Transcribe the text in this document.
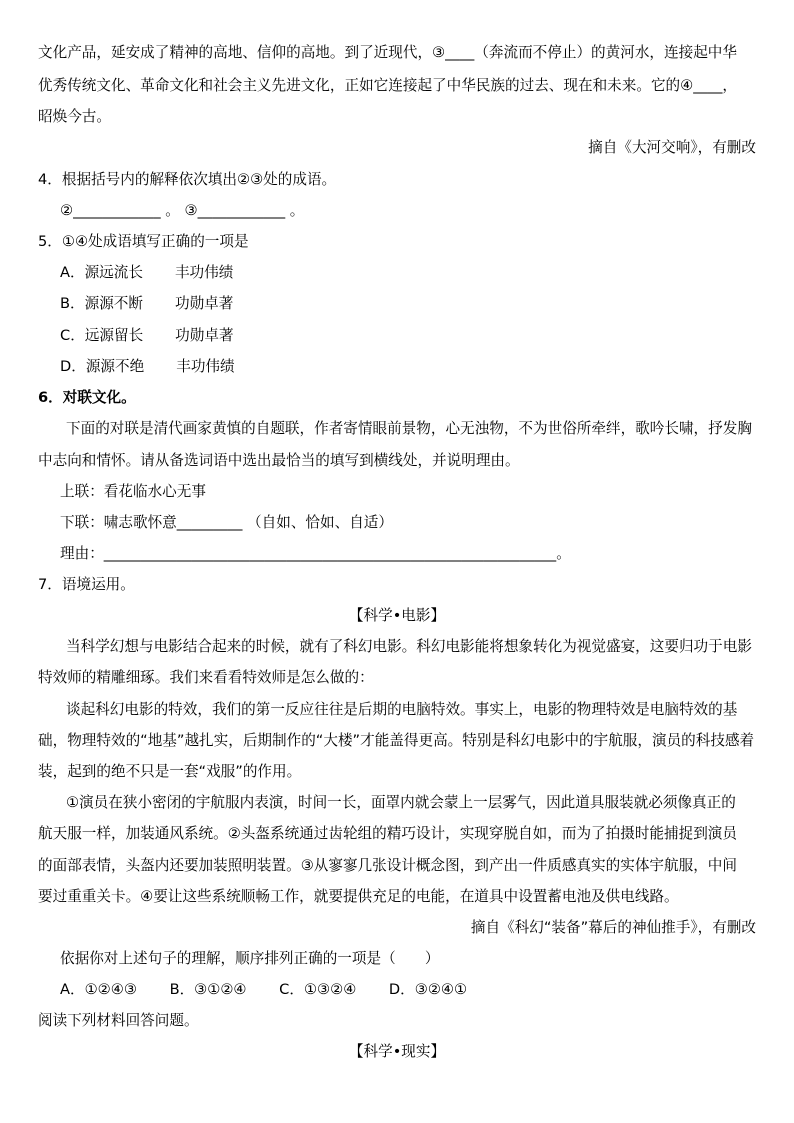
文化产品，延安成了精神的高地、信仰的高地。到了近现代，③____（奔流而不停止）的黄河水，连接起中华
优秀传统文化、革命文化和社会主义先进文化，正如它连接起了中华民族的过去、现在和未来。它的④____，
昭焕今古。
摘自《大河交响》，有删改
4．根据括号内的解释依次填出②③处的成语。
②____________ 。 ③____________ 。
5．①④处成语填写正确的一项是
A．源远流长 丰功伟绩
B．源源不断 功勋卓著
C．远源留长 功勋卓著
D．源源不绝 丰功伟绩
6．对联文化。
下面的对联是清代画家黄慎的自题联，作者寄情眼前景物，心无浊物，不为世俗所牵绊，歌吟长啸，抒发胸
中志向和情怀。请从备选词语中选出最恰当的填写到横线处，并说明理由。
上联：看花临水心无事
下联：啸志歌怀意_________ （自如、恰如、自适）
理由：______________________________________________________________。
7．语境运用。
【科学•电影】
当科学幻想与电影结合起来的时候，就有了科幻电影。科幻电影能将想象转化为视觉盛宴，这要归功于电影
特效师的精雕细琢。我们来看看特效师是怎么做的：
谈起科幻电影的特效，我们的第一反应往往是后期的电脑特效。事实上，电影的物理特效是电脑特效的基
础，物理特效的“地基”越扎实，后期制作的“大楼”才能盖得更高。特别是科幻电影中的宇航服，演员的科技感着
装，起到的绝不只是一套“戏服”的作用。
①演员在狭小密闭的宇航服内表演，时间一长，面罩内就会蒙上一层雾气，因此道具服装就必须像真正的
航天服一样，加装通风系统。②头盔系统通过齿轮组的精巧设计，实现穿脱自如，而为了拍摄时能捕捉到演员
的面部表情，头盔内还要加装照明装置。③从寥寥几张设计概念图，到产出一件质感真实的实体宇航服，中间
要过重重关卡。④要让这些系统顺畅工作，就要提供充足的电能，在道具中设置蓄电池及供电线路。
摘自《科幻“装备”幕后的神仙推手》，有删改
依据你对上述句子的理解，顺序排列正确的一项是（　　）
A．①②④③ B．③①②④ C．①③②④ D．③②④①
阅读下列材料回答问题。
【科学•现实】
